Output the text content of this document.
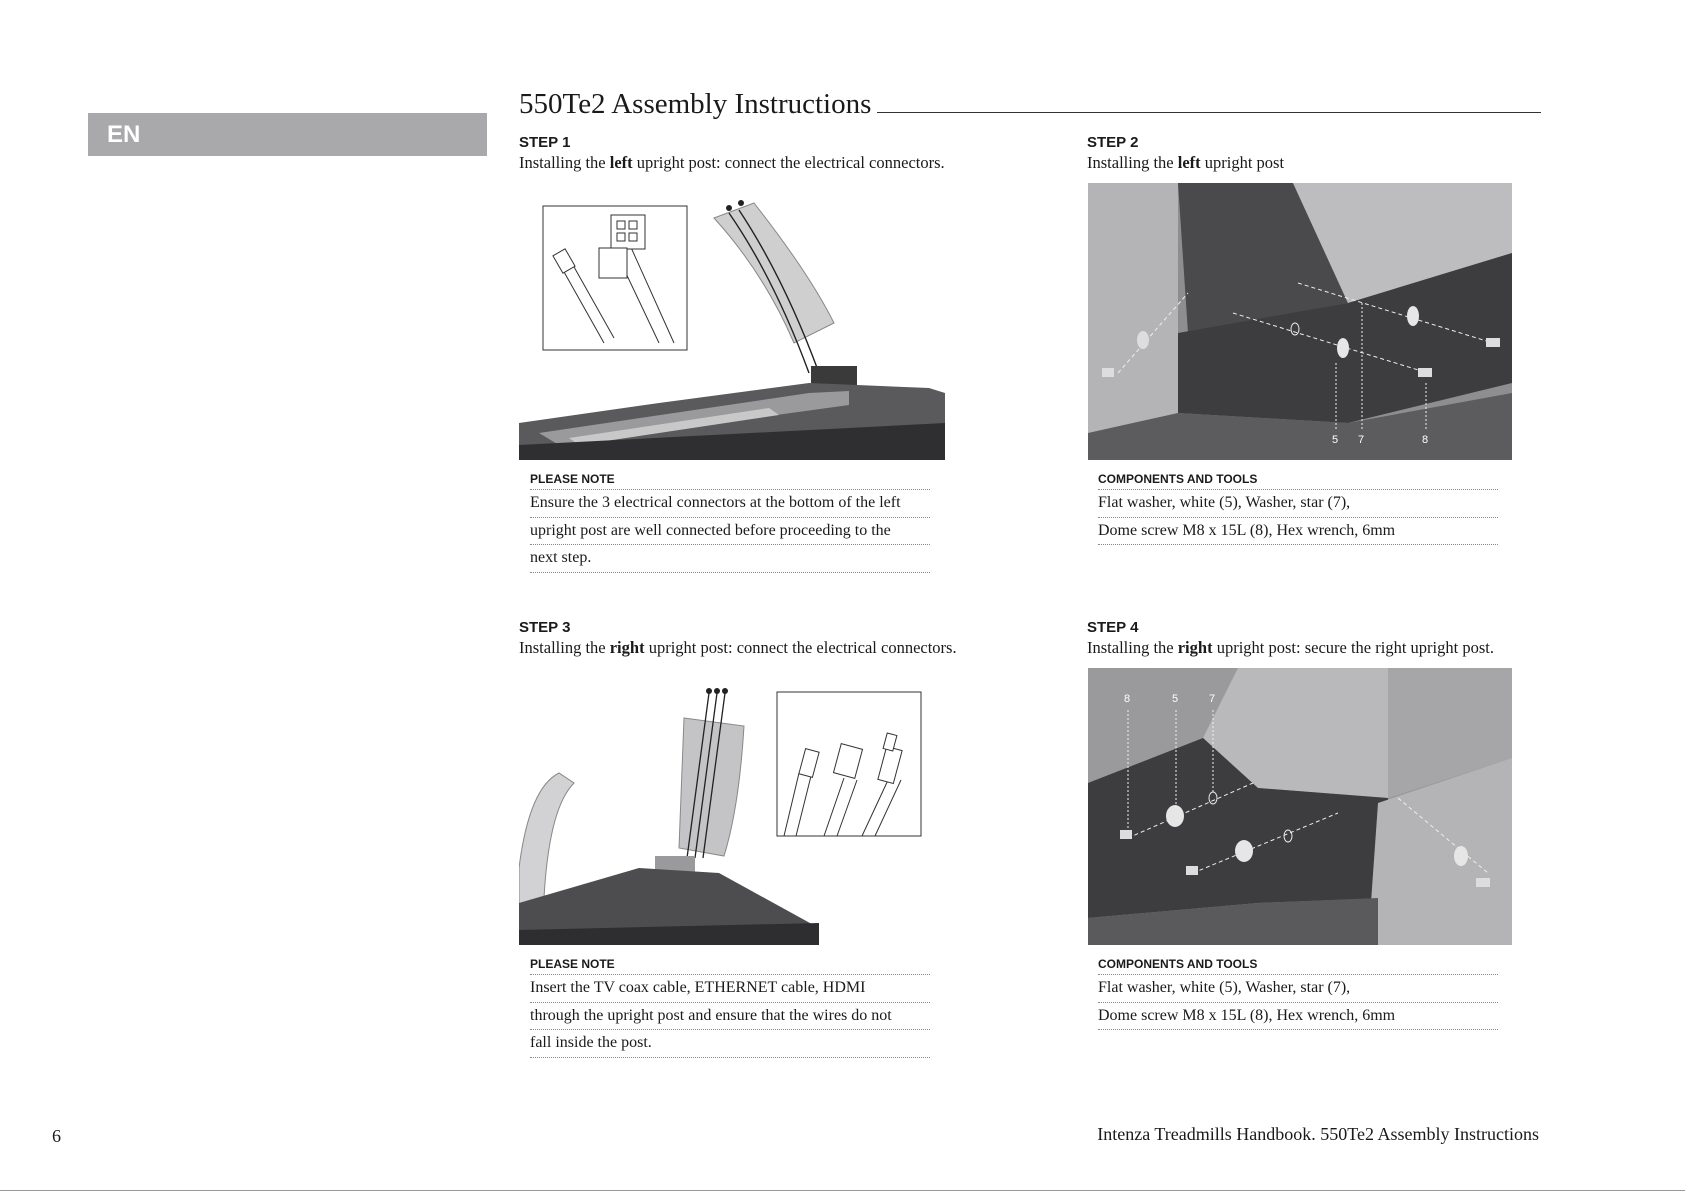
EN
550Te2 Assembly Instructions

STEP 1

Installing the left upright post: connect the electrical connectors.

PLEASE NOTE
Ensure the 3 electrical connectors at the bottom of the left
upright post are well connected before proceeding to the
next step.

STEP 2

Installing the left upright post

5 7	8
COMPONENTS AND TOOLS
Flat washer, white (5), Washer, star (7),
Dome screw M8 x 15L (8), Hex wrench, 6mm

STEP 3

Installing the right upright post: connect the electrical connectors.

PLEASE NOTE
Insert the TV coax cable, ETHERNET cable, HDMI
through the upright post and ensure that the wires do not
fall inside the post.

STEP 4

Installing the right upright post: secure the right upright post.

8	5	7
COMPONENTS AND TOOLS
Flat washer, white (5), Washer, star (7),
Dome screw M8 x 15L (8), Hex wrench, 6mm
6	Intenza Treadmills Handbook. 550Te2 Assembly Instructions
